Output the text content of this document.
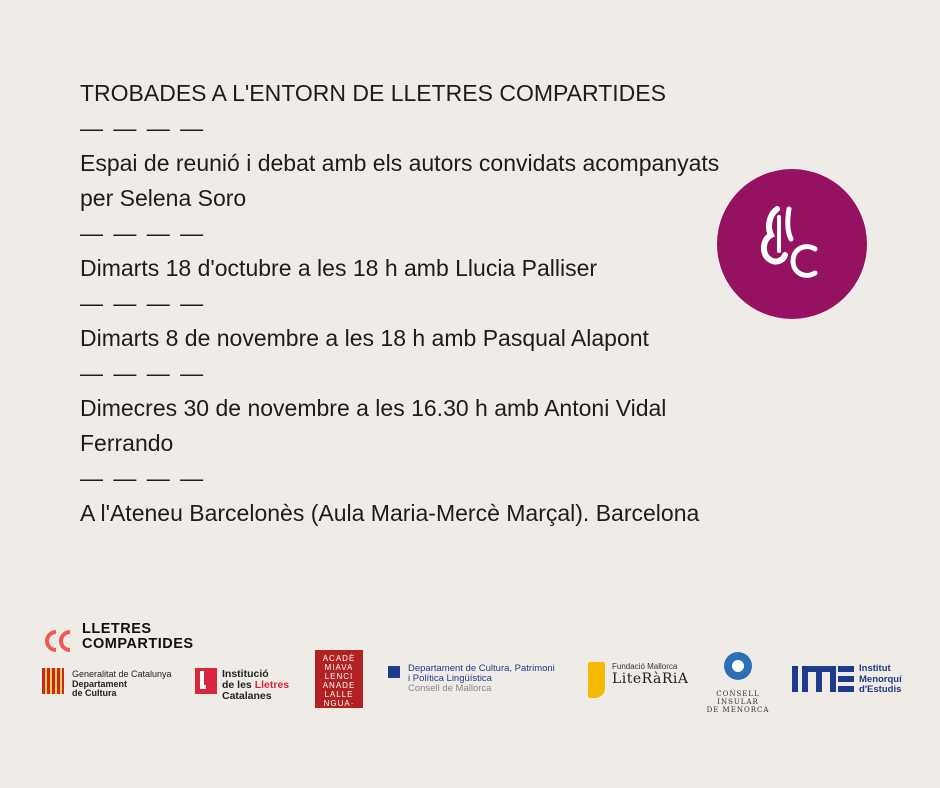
TROBADES A L'ENTORN DE LLETRES COMPARTIDES

— — — —

Espai de reunió i debat amb els autors convidats acompanyats

per Selena Soro

— — — —

Dimarts 18 d'octubre a les 18 h amb Llucia Palliser

— — — —

Dimarts 8 de novembre a les 18 h amb Pasqual Alapont

— — — —

Dimecres 30 de novembre a les 16.30 h amb Antoni Vidal

Ferrando

— — — —

A l'Ateneu Barcelonès (Aula Maria-Mercè Marçal). Barcelona

LLETRES
COMPARTIDES
Generalitat de Catalunya
Departament
de Cultura
Institució
de les Lletres
Catalanes
ACADÈ
MIAVA
LENCI
ANADE
LALLE
NGUA·
Departament de Cultura, Patrimoni
i Política Lingüística
Consell de Mallorca
Fundació Mallorca
LiteRàRiA
CONSELL INSULAR
DE MENORCA
Institut
Menorquí
d'Estudis
